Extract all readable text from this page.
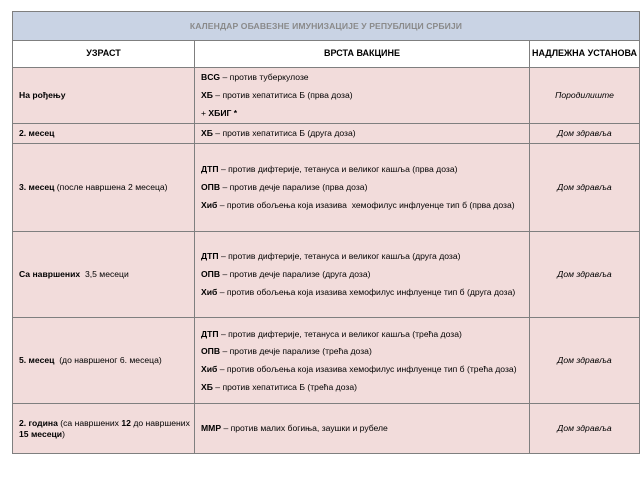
КАЛЕНДАР ОБАВЕЗНЕ ИМУНИЗАЦИЈЕ У РЕПУБЛИЦИ СРБИЈИ		
УЗРАСТ	ВРСТА ВАКЦИНЕ	НАДЛЕЖНА УСТАНОВА
На рођењу	BCG – против туберкулозе
ХБ – против хепатитиса Б (прва доза)
+ ХБИГ *	Породилиште
2. месец	ХБ – против хепатитиса Б (друга доза)	Дом здравља
3. месец (после навршена 2 месеца)	ДТП – против дифтерије, тетануса и великог кашља (прва доза)
ОПВ – против дечје парализе (прва доза)
Хиб – против обољења која изазива  хемофилус инфлуенце тип б (прва доза)	Дом здравља
Са навршених  3,5 месеци	ДТП – против дифтерије, тетануса и великог кашља (друга доза)
ОПВ – против дечје парализе (друга доза)
Хиб – против обољења која изазива хемофилус инфлуенце тип б (друга доза)	Дом здравља
5. месец  (до навршеног 6. месеца)	ДТП – против дифтерије, тетануса и великог кашља (трећа доза)
ОПВ – против дечје парализе (трећа доза)
Хиб – против обољења која изазива хемофилус инфлуенце тип б (трећа доза)
ХБ – против хепатитиса Б (трећа доза)	Дом здравља
2. година (са навршених 12 до навршених 15 месеци)	ММР – против малих богиња, заушки и рубеле	Дом здравља
